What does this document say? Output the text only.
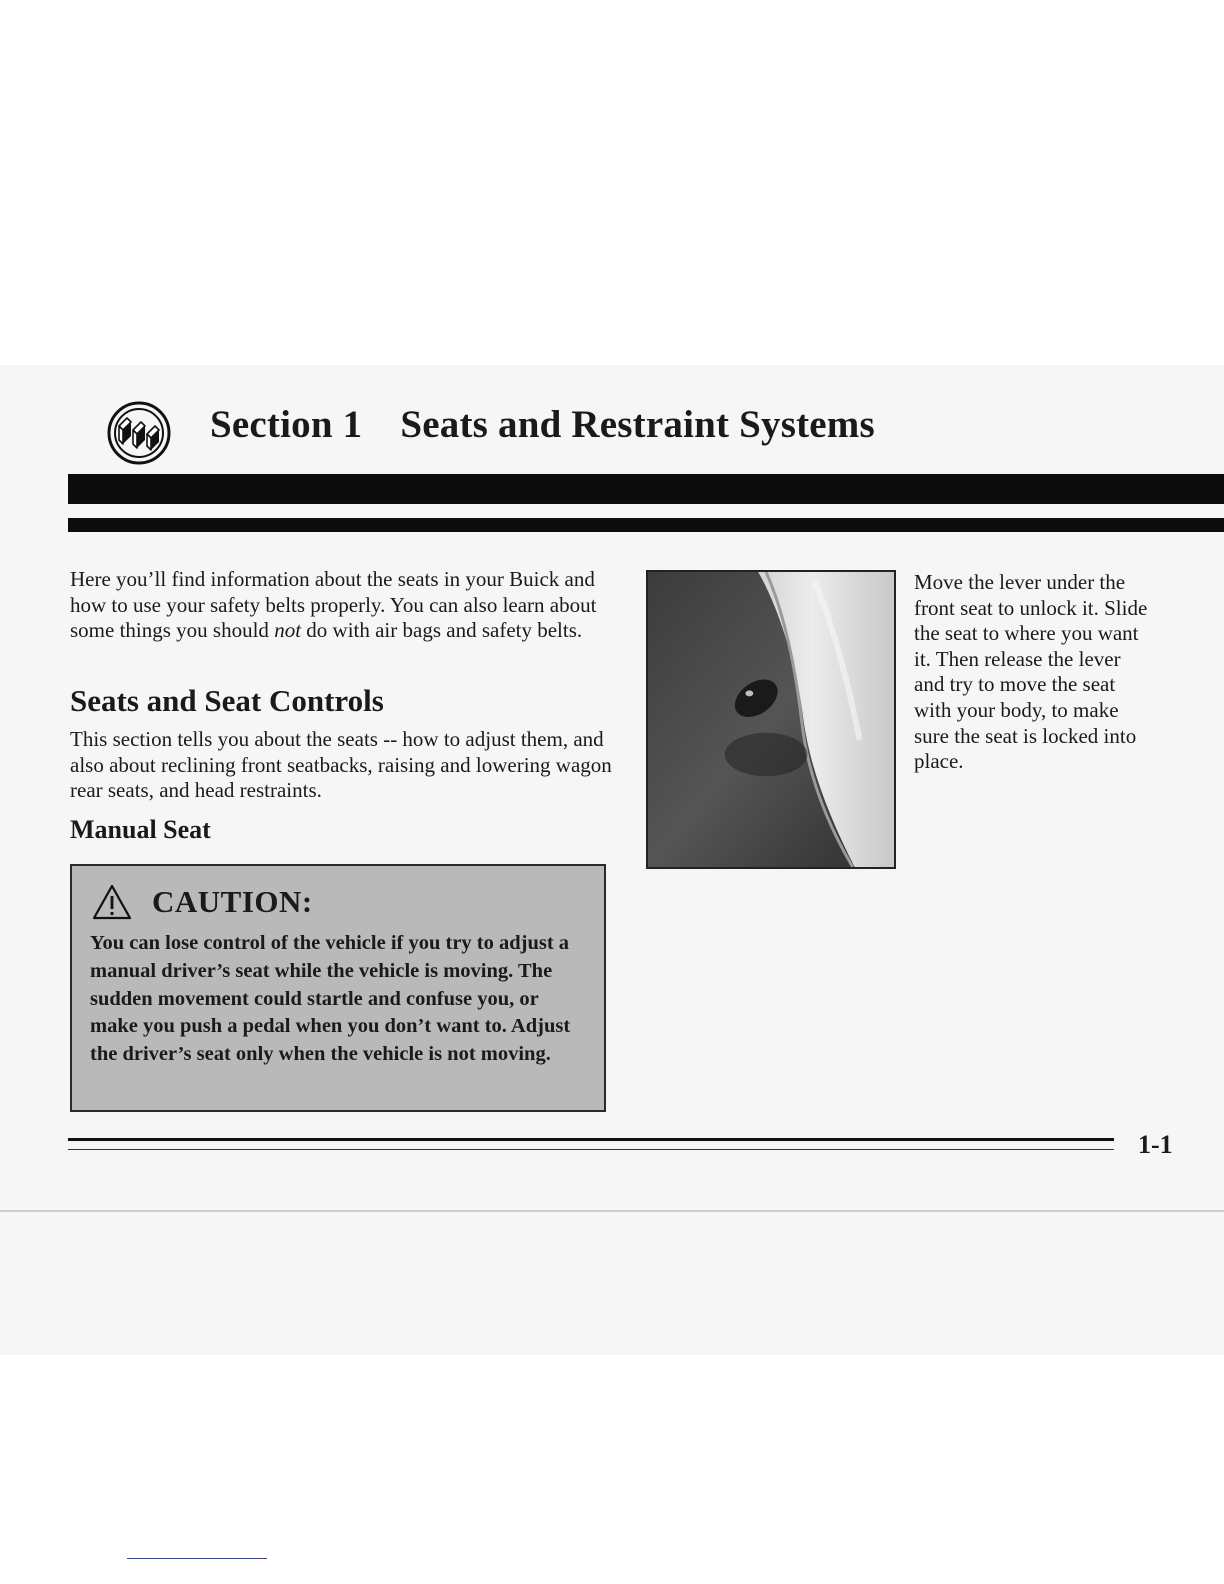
Section 1 Seats and Restraint Systems

Here you’ll find information about the seats in your Buick and how to use your safety belts properly. You can also learn about some things you should not do with air bags and safety belts.

Seats and Seat Controls

This section tells you about the seats -- how to adjust them, and also about reclining front seatbacks, raising and lowering wagon rear seats, and head restraints.

Manual Seat
CAUTION:

You can lose control of the vehicle if you try to adjust a manual driver’s seat while the vehicle is moving. The sudden movement could startle and confuse you, or make you push a pedal when you don’t want to. Adjust the driver’s seat only when the vehicle is not moving.

Move the lever under the front seat to unlock it. Slide the seat to where you want it. Then release the lever and try to move the seat with your body, to make sure the seat is locked into place.

1-1
